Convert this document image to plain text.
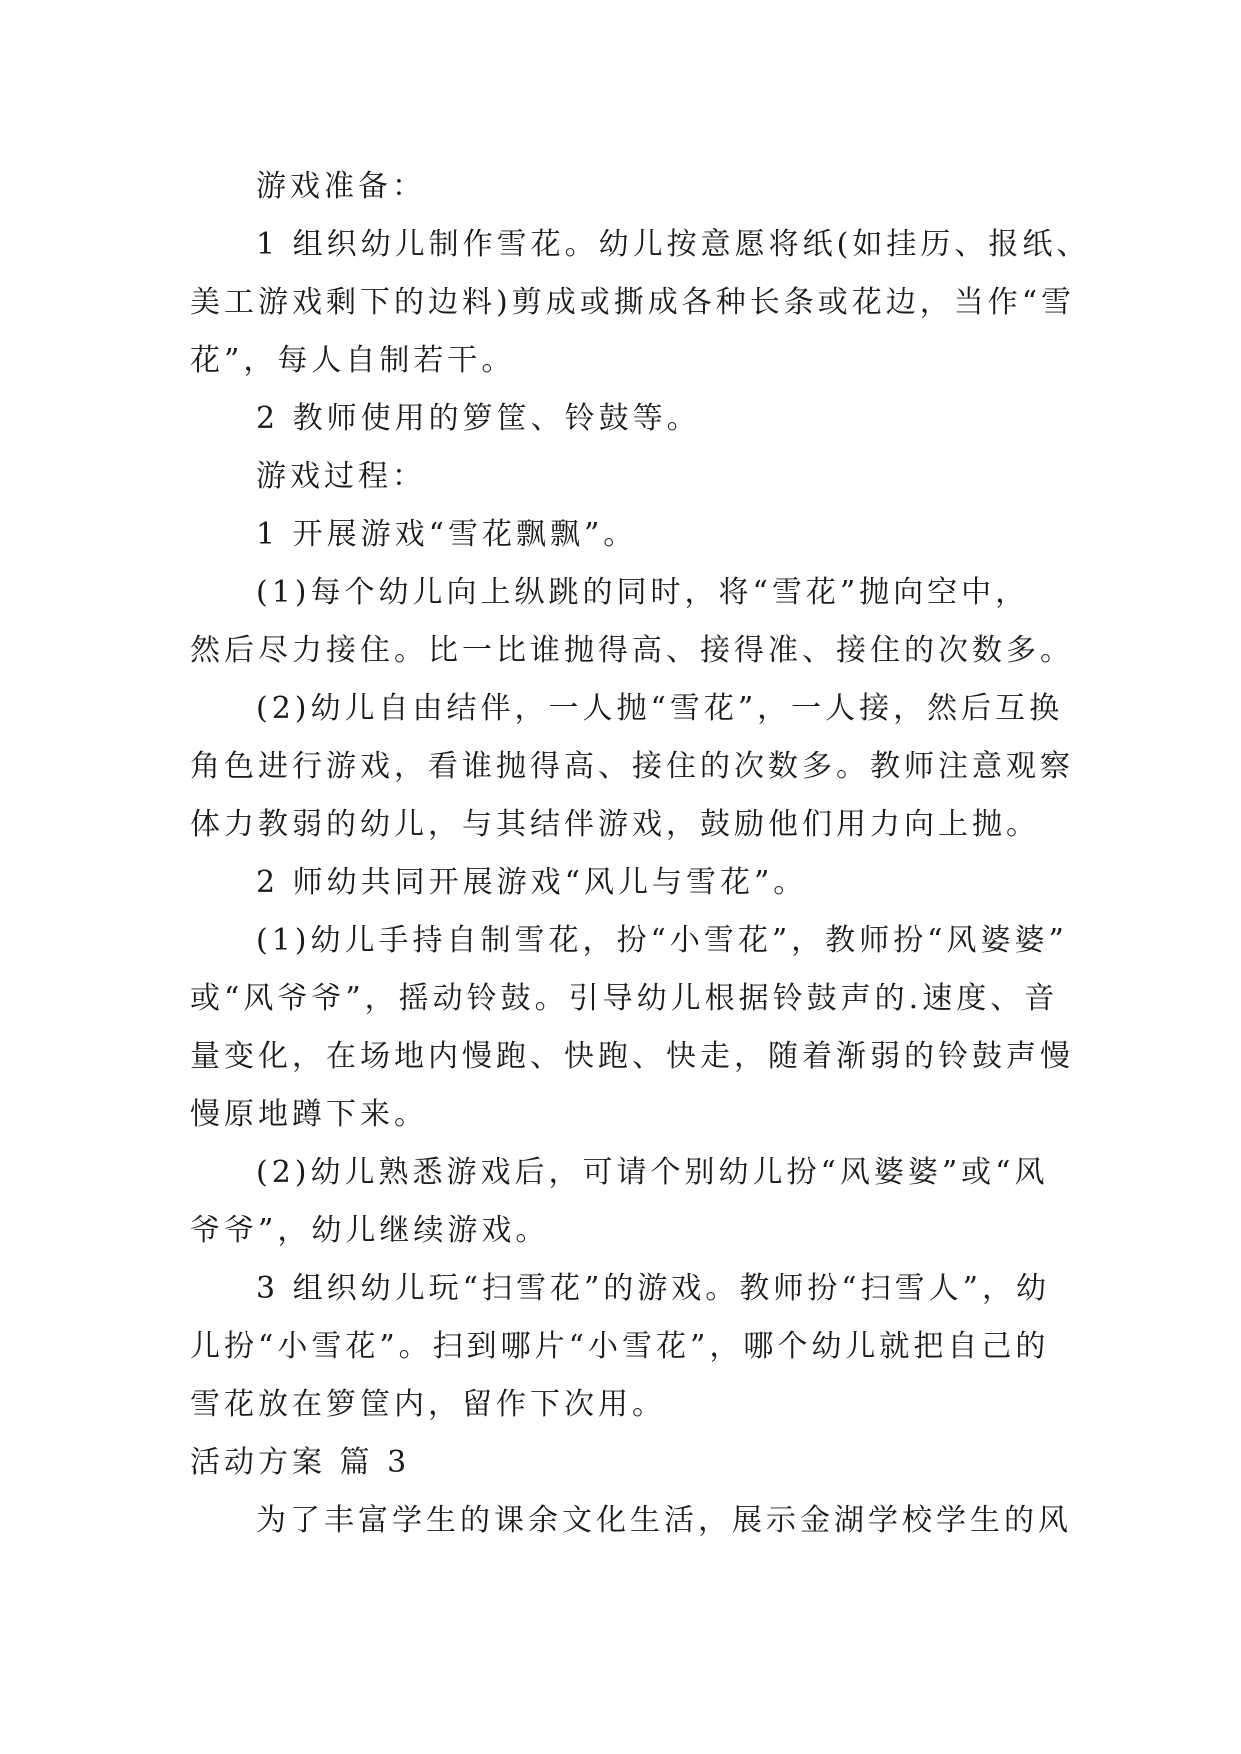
游戏准备：
1 组织幼儿制作雪花。幼儿按意愿将纸(如挂历、报纸、
美工游戏剩下的边料)剪成或撕成各种长条或花边，当作“雪
花”，每人自制若干。
2 教师使用的箩筐、铃鼓等。
游戏过程：
1 开展游戏“雪花飘飘”。
(1)每个幼儿向上纵跳的同时，将“雪花”抛向空中，
然后尽力接住。比一比谁抛得高、接得准、接住的次数多。
(2)幼儿自由结伴，一人抛“雪花”，一人接，然后互换
角色进行游戏，看谁抛得高、接住的次数多。教师注意观察
体力教弱的幼儿，与其结伴游戏，鼓励他们用力向上抛。
2 师幼共同开展游戏“风儿与雪花”。
(1)幼儿手持自制雪花，扮“小雪花”，教师扮“风婆婆”
或“风爷爷”，摇动铃鼓。引导幼儿根据铃鼓声的.速度、音
量变化，在场地内慢跑、快跑、快走，随着渐弱的铃鼓声慢
慢原地蹲下来。
(2)幼儿熟悉游戏后，可请个别幼儿扮“风婆婆”或“风
爷爷”，幼儿继续游戏。
3 组织幼儿玩“扫雪花”的游戏。教师扮“扫雪人”，幼
儿扮“小雪花”。扫到哪片“小雪花”，哪个幼儿就把自己的
雪花放在箩筐内，留作下次用。
活动方案 篇 3
为了丰富学生的课余文化生活，展示金湖学校学生的风
